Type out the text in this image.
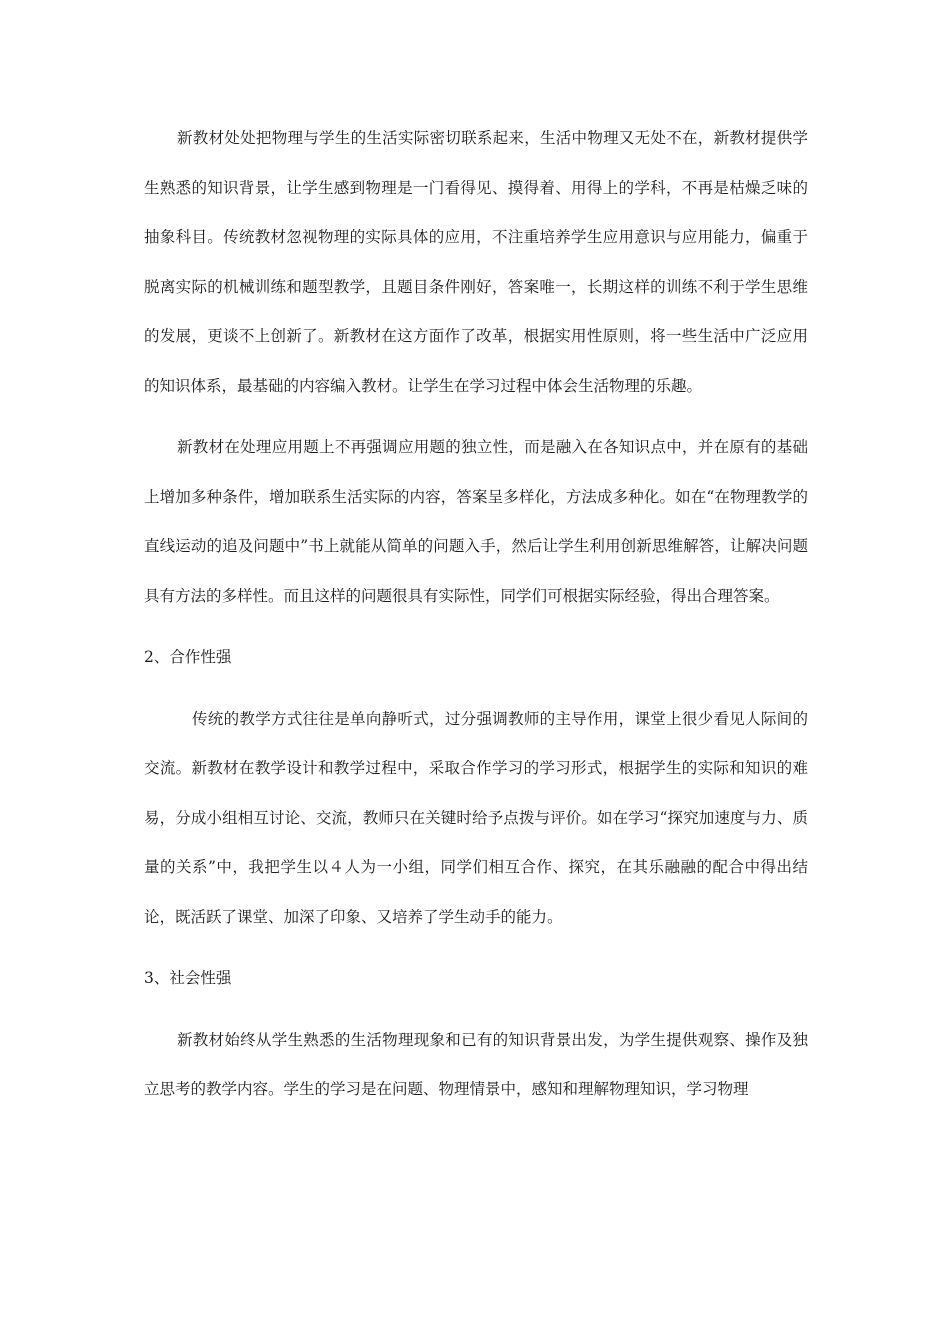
新教材处处把物理与学生的生活实际密切联系起来，生活中物理又无处不在，新教材提供学生熟悉的知识背景，让学生感到物理是一门看得见、摸得着、用得上的学科，不再是枯燥乏味的抽象科目。传统教材忽视物理的实际具体的应用，不注重培养学生应用意识与应用能力，偏重于脱离实际的机械训练和题型教学，且题目条件刚好，答案唯一，长期这样的训练不利于学生思维的发展，更谈不上创新了。新教材在这方面作了改革，根据实用性原则，将一些生活中广泛应用的知识体系，最基础的内容编入教材。让学生在学习过程中体会生活物理的乐趣。

新教材在处理应用题上不再强调应用题的独立性，而是融入在各知识点中，并在原有的基础上增加多种条件，增加联系生活实际的内容，答案呈多样化，方法成多种化。如在“在物理教学的直线运动的追及问题中”书上就能从简单的问题入手，然后让学生利用创新思维解答，让解决问题具有方法的多样性。而且这样的问题很具有实际性，同学们可根据实际经验，得出合理答案。

2、合作性强

传统的教学方式往往是单向静听式，过分强调教师的主导作用，课堂上很少看见人际间的交流。新教材在教学设计和教学过程中，采取合作学习的学习形式，根据学生的实际和知识的难易，分成小组相互讨论、交流，教师只在关键时给予点拨与评价。如在学习“探究加速度与力、质量的关系”中，我把学生以４人为一小组，同学们相互合作、探究，在其乐融融的配合中得出结论，既活跃了课堂、加深了印象、又培养了学生动手的能力。

3、社会性强

新教材始终从学生熟悉的生活物理现象和已有的知识背景出发，为学生提供观察、操作及独立思考的教学内容。学生的学习是在问题、物理情景中，感知和理解物理知识，学习物理
